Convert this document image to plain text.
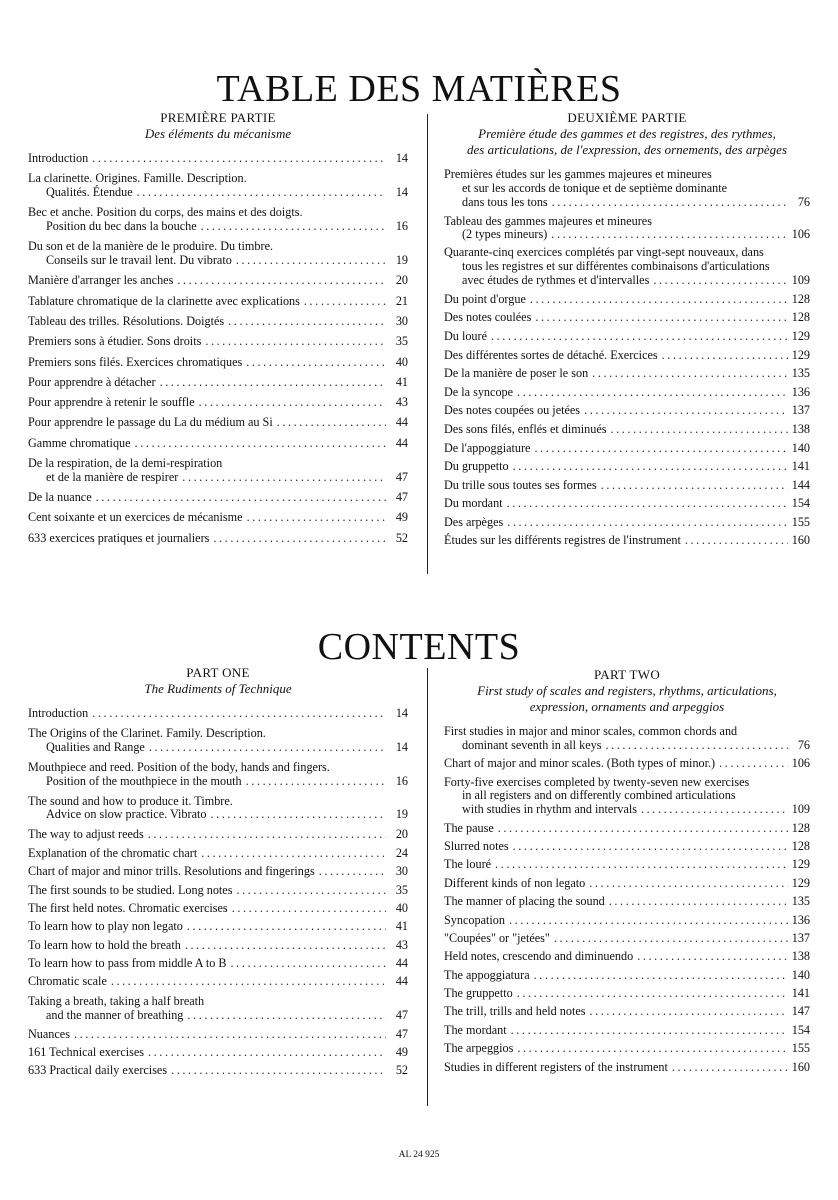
TABLE DES MATIÈRES
PREMIÈRE PARTIE
Des éléments du mécanisme
Introduction .....	14
La clarinette. Origines. Famille. Description.
Qualités. Étendue .....	14
Bec et anche. Position du corps, des mains et des doigts.
Position du bec dans la bouche .....	16
Du son et de la manière de le produire. Du timbre.
Conseils sur le travail lent. Du vibrato .....	19
Manière d'arranger les anches .....	20
Tablature chromatique de la clarinette avec explications .....	21
Tableau des trilles. Résolutions. Doigtés .....	30
Premiers sons à étudier. Sons droits .....	35
Premiers sons filés. Exercices chromatiques .....	40
Pour apprendre à détacher .....	41
Pour apprendre à retenir le souffle .....	43
Pour apprendre le passage du La du médium au Si .....	44
Gamme chromatique .....	44
De la respiration, de la demi-respiration
et de la manière de respirer .....	47
De la nuance .....	47
Cent soixante et un exercices de mécanisme .....	49
633 exercices pratiques et journaliers .....	52
DEUXIÈME PARTIE
Première étude des gammes et des registres, des rythmes,
des articulations, de l'expression, des ornements, des arpèges
Premières études sur les gammes majeures et mineures
et sur les accords de tonique et de septième dominante
dans tous les tons .....	76
Tableau des gammes majeures et mineures
(2 types mineurs) .....	106
Quarante-cinq exercices complétés par vingt-sept nouveaux, dans
tous les registres et sur différentes combinaisons d'articulations
avec études de rythmes et d'intervalles .....	109
Du point d'orgue .....	128
Des notes coulées .....	128
Du louré .....	129
Des différentes sortes de détaché. Exercices .....	129
De la manière de poser le son .....	135
De la syncope .....	136
Des notes coupées ou jetées .....	137
Des sons filés, enflés et diminués .....	138
De l'appoggiature .....	140
Du gruppetto .....	141
Du trille sous toutes ses formes .....	144
Du mordant .....	154
Des arpèges .....	155
Études sur les différents registres de l'instrument .....	160
CONTENTS
PART ONE
The Rudiments of Technique
Introduction .....	14
The Origins of the Clarinet. Family. Description.
Qualities and Range .....	14
Mouthpiece and reed. Position of the body, hands and fingers.
Position of the mouthpiece in the mouth .....	16
The sound and how to produce it. Timbre.
Advice on slow practice. Vibrato .....	19
The way to adjust reeds .....	20
Explanation of the chromatic chart .....	24
Chart of major and minor trills. Resolutions and fingerings .....	30
The first sounds to be studied. Long notes .....	35
The first held notes. Chromatic exercises .....	40
To learn how to play non legato .....	41
To learn how to hold the breath .....	43
To learn how to pass from middle A to B .....	44
Chromatic scale .....	44
Taking a breath, taking a half breath
and the manner of breathing .....	47
Nuances .....	47
161 Technical exercises .....	49
633 Practical daily exercises .....	52
PART TWO
First study of scales and registers, rhythms, articulations,
expression, ornaments and arpeggios
First studies in major and minor scales, common chords and
dominant seventh in all keys .....	76
Chart of major and minor scales. (Both types of minor.) .....	106
Forty-five exercises completed by twenty-seven new exercises
in all registers and on differently combined articulations
with studies in rhythm and intervals .....	109
The pause .....	128
Slurred notes .....	128
The louré .....	129
Different kinds of non legato .....	129
The manner of placing the sound .....	135
Syncopation .....	136
"Coupées" or "jetées" .....	137
Held notes, crescendo and diminuendo .....	138
The appoggiatura .....	140
The gruppetto .....	141
The trill, trills and held notes .....	147
The mordant .....	154
The arpeggios .....	155
Studies in different registers of the instrument .....	160
AL 24 925
